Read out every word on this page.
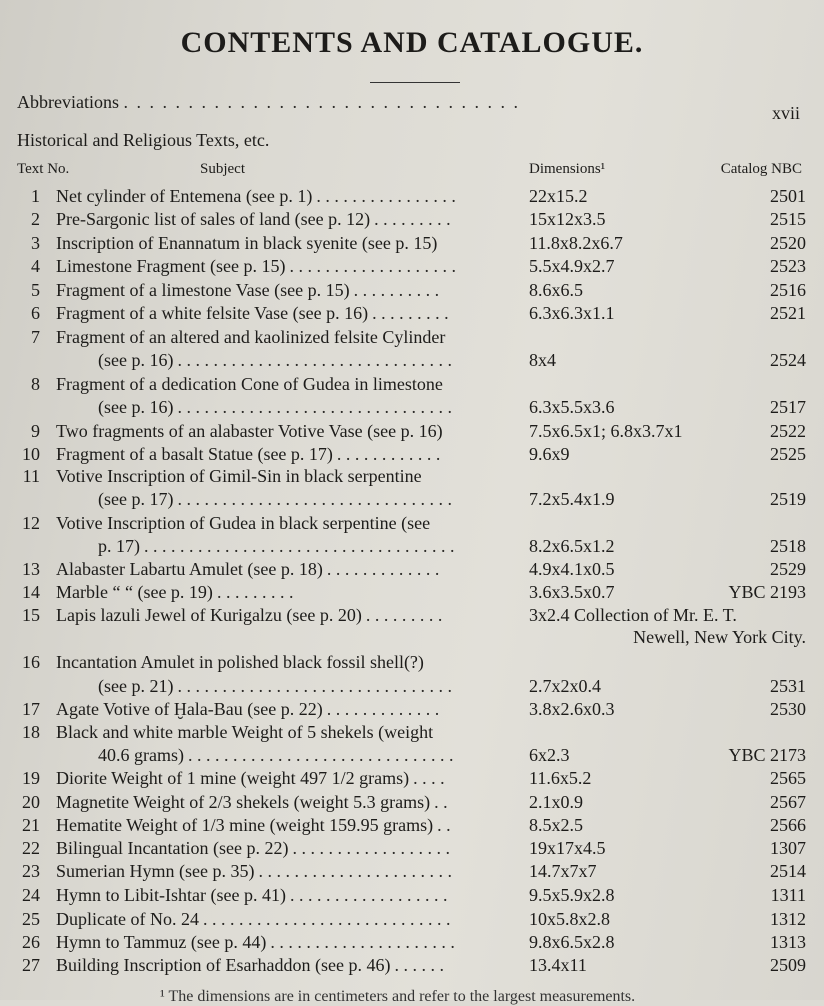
CONTENTS AND CATALOGUE.
Abbreviations . . . . . . . . . . . . . . . . . . . . . . . . . . . . . . .
xvii
Historical and Religious Texts, etc.
Text No.	Subject	Dimensions¹	Catalog NBC
1 Net cylinder of Entemena (see p. 1) . . . . . . . . . . . . . . . .	22x15.2	2501
2 Pre-Sargonic list of sales of land (see p. 12) . . . . . . . . .	15x12x3.5	2515
3 Inscription of Enannatum in black syenite (see p. 15)	11.8x8.2x6.7	2520
4 Limestone Fragment (see p. 15) . . . . . . . . . . . . . . . . . . .	5.5x4.9x2.7	2523
5 Fragment of a limestone Vase (see p. 15) . . . . . . . . . .	8.6x6.5	2516
6 Fragment of a white felsite Vase (see p. 16) . . . . . . . . .	6.3x6.3x1.1	2521
7 Fragment of an altered and kaolinized felsite Cylinder
(see p. 16) . . . . . . . . . . . . . . . . . . . . . . . . . . . . . . .	8x4	2524
8 Fragment of a dedication Cone of Gudea in limestone
(see p. 16) . . . . . . . . . . . . . . . . . . . . . . . . . . . . . . .	6.3x5.5x3.6	2517
9 Two fragments of an alabaster Votive Vase (see p. 16)	7.5x6.5x1; 6.8x3.7x1	2522
10 Fragment of a basalt Statue (see p. 17) . . . . . . . . . . . .	9.6x9	2525
11 Votive Inscription of Gimil-Sin in black serpentine
(see p. 17) . . . . . . . . . . . . . . . . . . . . . . . . . . . . . . .	7.2x5.4x1.9	2519
12 Votive Inscription of Gudea in black serpentine (see
p. 17) . . . . . . . . . . . . . . . . . . . . . . . . . . . . . . . . . . .	8.2x6.5x1.2	2518
13 Alabaster Labartu Amulet (see p. 18) . . . . . . . . . . . . .	4.9x4.1x0.5	2529
14 Marble “ “ (see p. 19) . . . . . . . . .	3.6x3.5x0.7	YBC 2193
15 Lapis lazuli Jewel of Kurigalzu (see p. 20) . . . . . . . . .	3x2.4 Collection of Mr. E. T.
Newell, New York City.
16 Incantation Amulet in polished black fossil shell(?)
(see p. 21) . . . . . . . . . . . . . . . . . . . . . . . . . . . . . . .	2.7x2x0.4	2531
17 Agate Votive of Ḫala-Bau (see p. 22) . . . . . . . . . . . . .	3.8x2.6x0.3	2530
18 Black and white marble Weight of 5 shekels (weight
40.6 grams) . . . . . . . . . . . . . . . . . . . . . . . . . . . . . .	6x2.3	YBC 2173
19 Diorite Weight of 1 mine (weight 497 1/2 grams) . . . .	11.6x5.2	2565
20 Magnetite Weight of 2/3 shekels (weight 5.3 grams) . .	2.1x0.9	2567
21 Hematite Weight of 1/3 mine (weight 159.95 grams) . .	8.5x2.5	2566
22 Bilingual Incantation (see p. 22) . . . . . . . . . . . . . . . . . .	19x17x4.5	1307
23 Sumerian Hymn (see p. 35) . . . . . . . . . . . . . . . . . . . . . .	14.7x7x7	2514
24 Hymn to Libit-Ishtar (see p. 41) . . . . . . . . . . . . . . . . . .	9.5x5.9x2.8	1311
25 Duplicate of No. 24 . . . . . . . . . . . . . . . . . . . . . . . . . . . .	10x5.8x2.8	1312
26 Hymn to Tammuz (see p. 44) . . . . . . . . . . . . . . . . . . . . .	9.8x6.5x2.8	1313
27 Building Inscription of Esarhaddon (see p. 46) . . . . . .	13.4x11	2509
¹ The dimensions are in centimeters and refer to the largest measurements.
